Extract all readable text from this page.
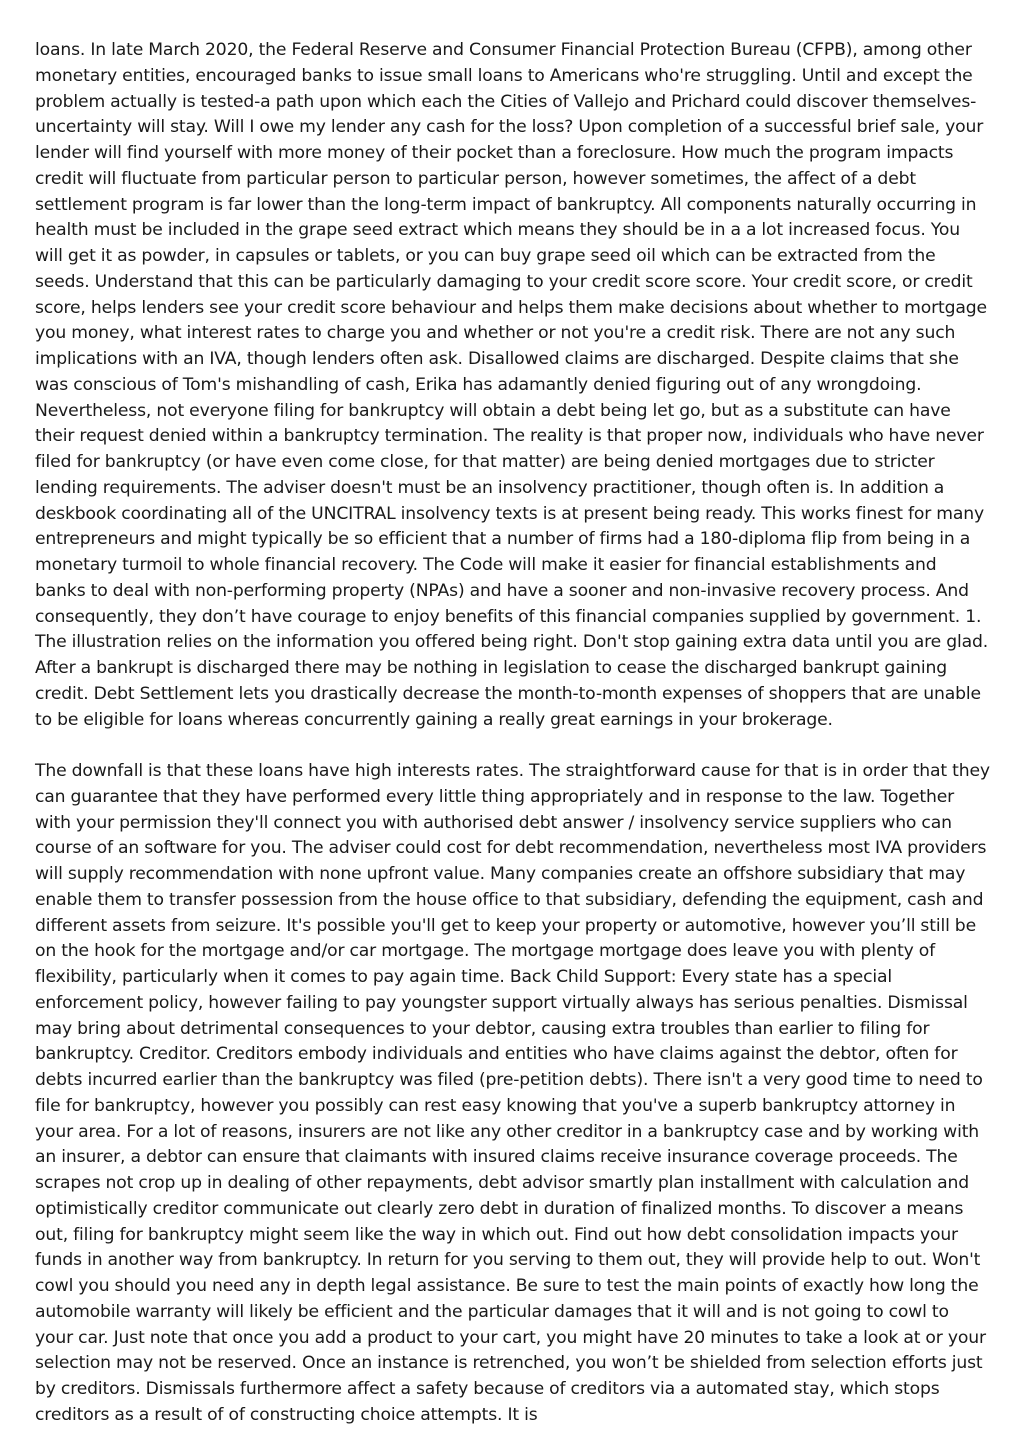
loans. In late March 2020, the Federal Reserve and Consumer Financial Protection Bureau (CFPB), among other monetary entities, encouraged banks to issue small loans to Americans who're struggling. Until and except the problem actually is tested-a path upon which each the Cities of Vallejo and Prichard could discover themselves-uncertainty will stay. Will I owe my lender any cash for the loss? Upon completion of a successful brief sale, your lender will find yourself with more money of their pocket than a foreclosure. How much the program impacts credit will fluctuate from particular person to particular person, however sometimes, the affect of a debt settlement program is far lower than the long-term impact of bankruptcy. All components naturally occurring in health must be included in the grape seed extract which means they should be in a a lot increased focus. You will get it as powder, in capsules or tablets, or you can buy grape seed oil which can be extracted from the seeds. Understand that this can be particularly damaging to your credit score score. Your credit score, or credit score, helps lenders see your credit score behaviour and helps them make decisions about whether to mortgage you money, what interest rates to charge you and whether or not you're a credit risk. There are not any such implications with an IVA, though lenders often ask. Disallowed claims are discharged. Despite claims that she was conscious of Tom's mishandling of cash, Erika has adamantly denied figuring out of any wrongdoing. Nevertheless, not everyone filing for bankruptcy will obtain a debt being let go, but as a substitute can have their request denied within a bankruptcy termination. The reality is that proper now, individuals who have never filed for bankruptcy (or have even come close, for that matter) are being denied mortgages due to stricter lending requirements. The adviser doesn't must be an insolvency practitioner, though often is. In addition a deskbook coordinating all of the UNCITRAL insolvency texts is at present being ready. This works finest for many entrepreneurs and might typically be so efficient that a number of firms had a 180-diploma flip from being in a monetary turmoil to whole financial recovery. The Code will make it easier for financial establishments and banks to deal with non-performing property (NPAs) and have a sooner and non-invasive recovery process. And consequently, they don’t have courage to enjoy benefits of this financial companies supplied by government. 1. The illustration relies on the information you offered being right. Don't stop gaining extra data until you are glad. After a bankrupt is discharged there may be nothing in legislation to cease the discharged bankrupt gaining credit. Debt Settlement lets you drastically decrease the month-to-month expenses of shoppers that are unable to be eligible for loans whereas concurrently gaining a really great earnings in your brokerage.

The downfall is that these loans have high interests rates. The straightforward cause for that is in order that they can guarantee that they have performed every little thing appropriately and in response to the law. Together with your permission they'll connect you with authorised debt answer / insolvency service suppliers who can course of an software for you. The adviser could cost for debt recommendation, nevertheless most IVA providers will supply recommendation with none upfront value. Many companies create an offshore subsidiary that may enable them to transfer possession from the house office to that subsidiary, defending the equipment, cash and different assets from seizure. It's possible you'll get to keep your property or automotive, however you’ll still be on the hook for the mortgage and/or car mortgage. The mortgage mortgage does leave you with plenty of flexibility, particularly when it comes to pay again time. Back Child Support: Every state has a special enforcement policy, however failing to pay youngster support virtually always has serious penalties. Dismissal may bring about detrimental consequences to your debtor, causing extra troubles than earlier to filing for bankruptcy. Creditor. Creditors embody individuals and entities who have claims against the debtor, often for debts incurred earlier than the bankruptcy was filed (pre-petition debts). There isn't a very good time to need to file for bankruptcy, however you possibly can rest easy knowing that you've a superb bankruptcy attorney in your area. For a lot of reasons, insurers are not like any other creditor in a bankruptcy case and by working with an insurer, a debtor can ensure that claimants with insured claims receive insurance coverage proceeds. The scrapes not crop up in dealing of other repayments, debt advisor smartly plan installment with calculation and optimistically creditor communicate out clearly zero debt in duration of finalized months. To discover a means out, filing for bankruptcy might seem like the way in which out. Find out how debt consolidation impacts your funds in another way from bankruptcy. In return for you serving to them out, they will provide help to out. Won't cowl you should you need any in depth legal assistance. Be sure to test the main points of exactly how long the automobile warranty will likely be efficient and the particular damages that it will and is not going to cowl to your car. Just note that once you add a product to your cart, you might have 20 minutes to take a look at or your selection may not be reserved. Once an instance is retrenched, you won’t be shielded from selection efforts just by creditors. Dismissals furthermore affect a safety because of creditors via a automated stay, which stops creditors as a result of of constructing choice attempts. It is
